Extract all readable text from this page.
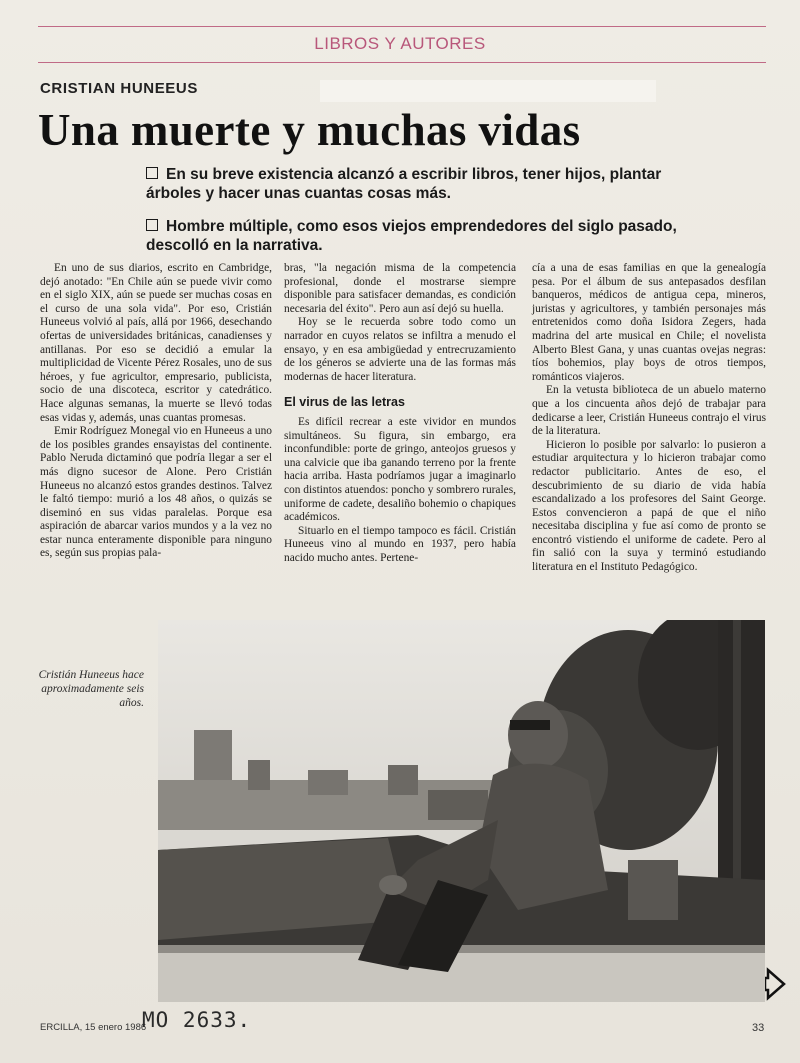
LIBROS Y AUTORES
CRISTIAN HUNEEUS
Una muerte y muchas vidas
En su breve existencia alcanzó a escribir libros, tener hijos, plantar árboles y hacer unas cuantas cosas más.
Hombre múltiple, como esos viejos emprendedores del siglo pasado, descolló en la narrativa.

En uno de sus diarios, escrito en Cambridge, dejó anotado: "En Chile aún se puede vivir como en el siglo XIX, aún se puede ser muchas cosas en el curso de una sola vida". Por eso, Cristián Huneeus volvió al país, allá por 1966, desechando ofertas de universidades británicas, canadienses y antillanas. Por eso se decidió a emular la multiplicidad de Vicente Pérez Rosales, uno de sus héroes, y fue agricultor, empresario, publicista, socio de una discoteca, escritor y catedrático. Hace algunas semanas, la muerte se llevó todas esas vidas y, además, unas cuantas promesas.

Emir Rodríguez Monegal vio en Huneeus a uno de los posibles grandes ensayistas del continente. Pablo Neruda dictaminó que podría llegar a ser el más digno sucesor de Alone. Pero Cristián Huneeus no alcanzó estos grandes destinos. Talvez le faltó tiempo: murió a los 48 años, o quizás se diseminó en sus vidas paralelas. Porque esa aspiración de abarcar varios mundos y a la vez no estar nunca enteramente disponible para ninguno es, según sus propias pala-

bras, "la negación misma de la competencia profesional, donde el mostrarse siempre disponible para satisfacer demandas, es condición necesaria del éxito". Pero aun así dejó su huella.

Hoy se le recuerda sobre todo como un narrador en cuyos relatos se infiltra a menudo el ensayo, y en esa ambigüedad y entrecruzamiento de los géneros se advierte una de las formas más modernas de hacer literatura.

El virus de las letras

Es difícil recrear a este vividor en mundos simultáneos. Su figura, sin embargo, era inconfundible: porte de gringo, anteojos gruesos y una calvicie que iba ganando terreno por la frente hacia arriba. Hasta podríamos jugar a imaginarlo con distintos atuendos: poncho y sombrero rurales, uniforme de cadete, desaliño bohemio o chapiques académicos.

Situarlo en el tiempo tampoco es fácil. Cristián Huneeus vino al mundo en 1937, pero había nacido mucho antes. Pertene-

cía a una de esas familias en que la genealogía pesa. Por el álbum de sus antepasados desfilan banqueros, médicos de antigua cepa, mineros, juristas y agricultores, y también personajes más entretenidos como doña Isidora Zegers, hada madrina del arte musical en Chile; el novelista Alberto Blest Gana, y unas cuantas ovejas negras: tíos bohemios, play boys de otros tiempos, románticos viajeros.

En la vetusta biblioteca de un abuelo materno que a los cincuenta años dejó de trabajar para dedicarse a leer, Cristián Huneeus contrajo el virus de la literatura.

Hicieron lo posible por salvarlo: lo pusieron a estudiar arquitectura y lo hicieron trabajar como redactor publicitario. Antes de eso, el descubrimiento de su diario de vida había escandalizado a los profesores del Saint George. Estos convencieron a papá de que el niño necesitaba disciplina y fue así como de pronto se encontró vistiendo el uniforme de cadete. Pero al fin salió con la suya y terminó estudiando literatura en el Instituto Pedagógico.

Cristián Huneeus hace aproximadamente seis años.
ERCILLA, 15 enero 1986
MO 2633.	33
